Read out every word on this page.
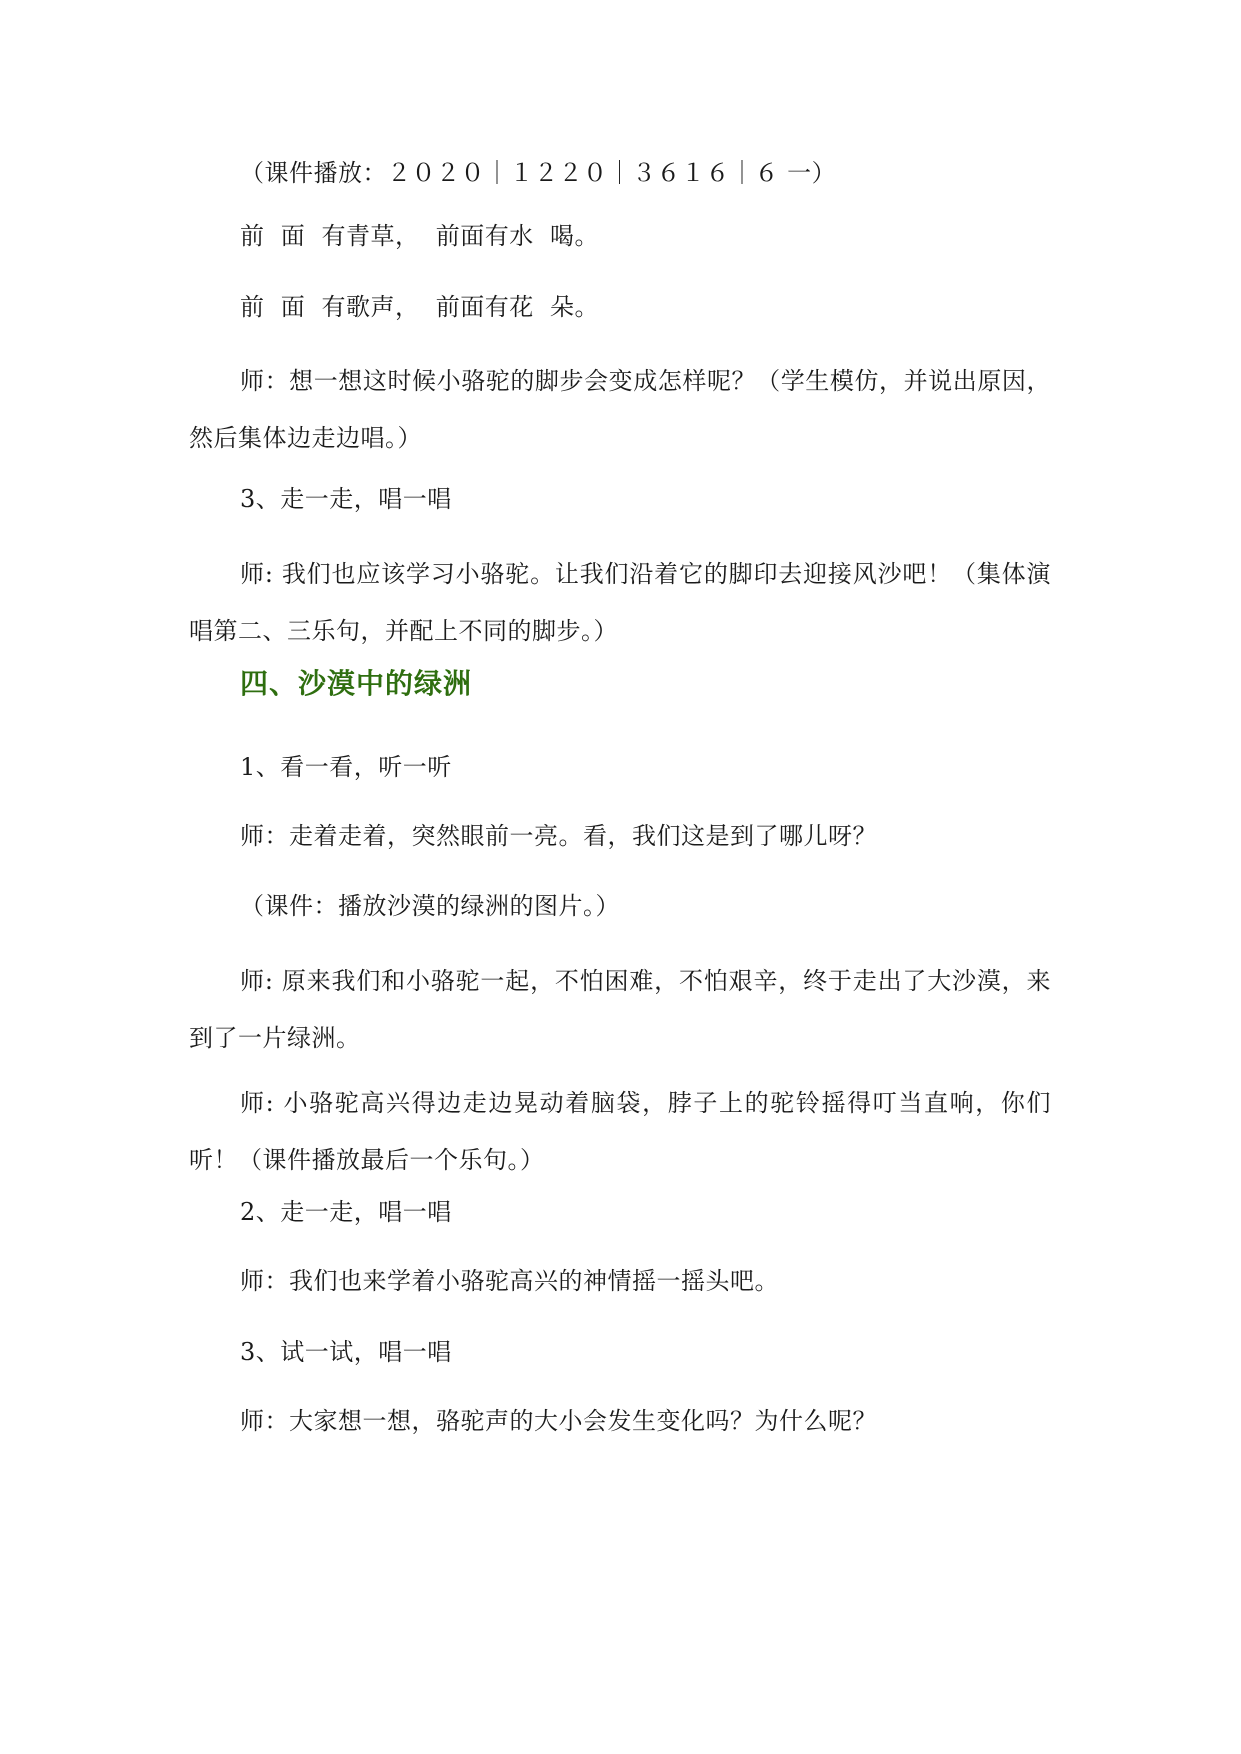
（课件播放：２０２０｜１２２０｜３６１６｜６ 一）
前  面  有青草，  前面有水  喝。
前  面  有歌声，  前面有花  朵。
师：想一想这时候小骆驼的脚步会变成怎样呢？（学生模仿，并说出原因，然后集体边走边唱。）
3、走一走，唱一唱
师: 我们也应该学习小骆驼。让我们沿着它的脚印去迎接风沙吧！（集体演唱第二、三乐句，并配上不同的脚步。）
四、沙漠中的绿洲
1、看一看，听一听
师：走着走着，突然眼前一亮。看，我们这是到了哪儿呀？
（课件：播放沙漠的绿洲的图片。）
师: 原来我们和小骆驼一起，不怕困难，不怕艰辛，终于走出了大沙漠，来到了一片绿洲。
师: 小骆驼高兴得边走边晃动着脑袋，脖子上的驼铃摇得叮当直响，你们听！（课件播放最后一个乐句。）
2、走一走，唱一唱
师：我们也来学着小骆驼高兴的神情摇一摇头吧。
3、试一试，唱一唱
师：大家想一想，骆驼声的大小会发生变化吗？为什么呢？
